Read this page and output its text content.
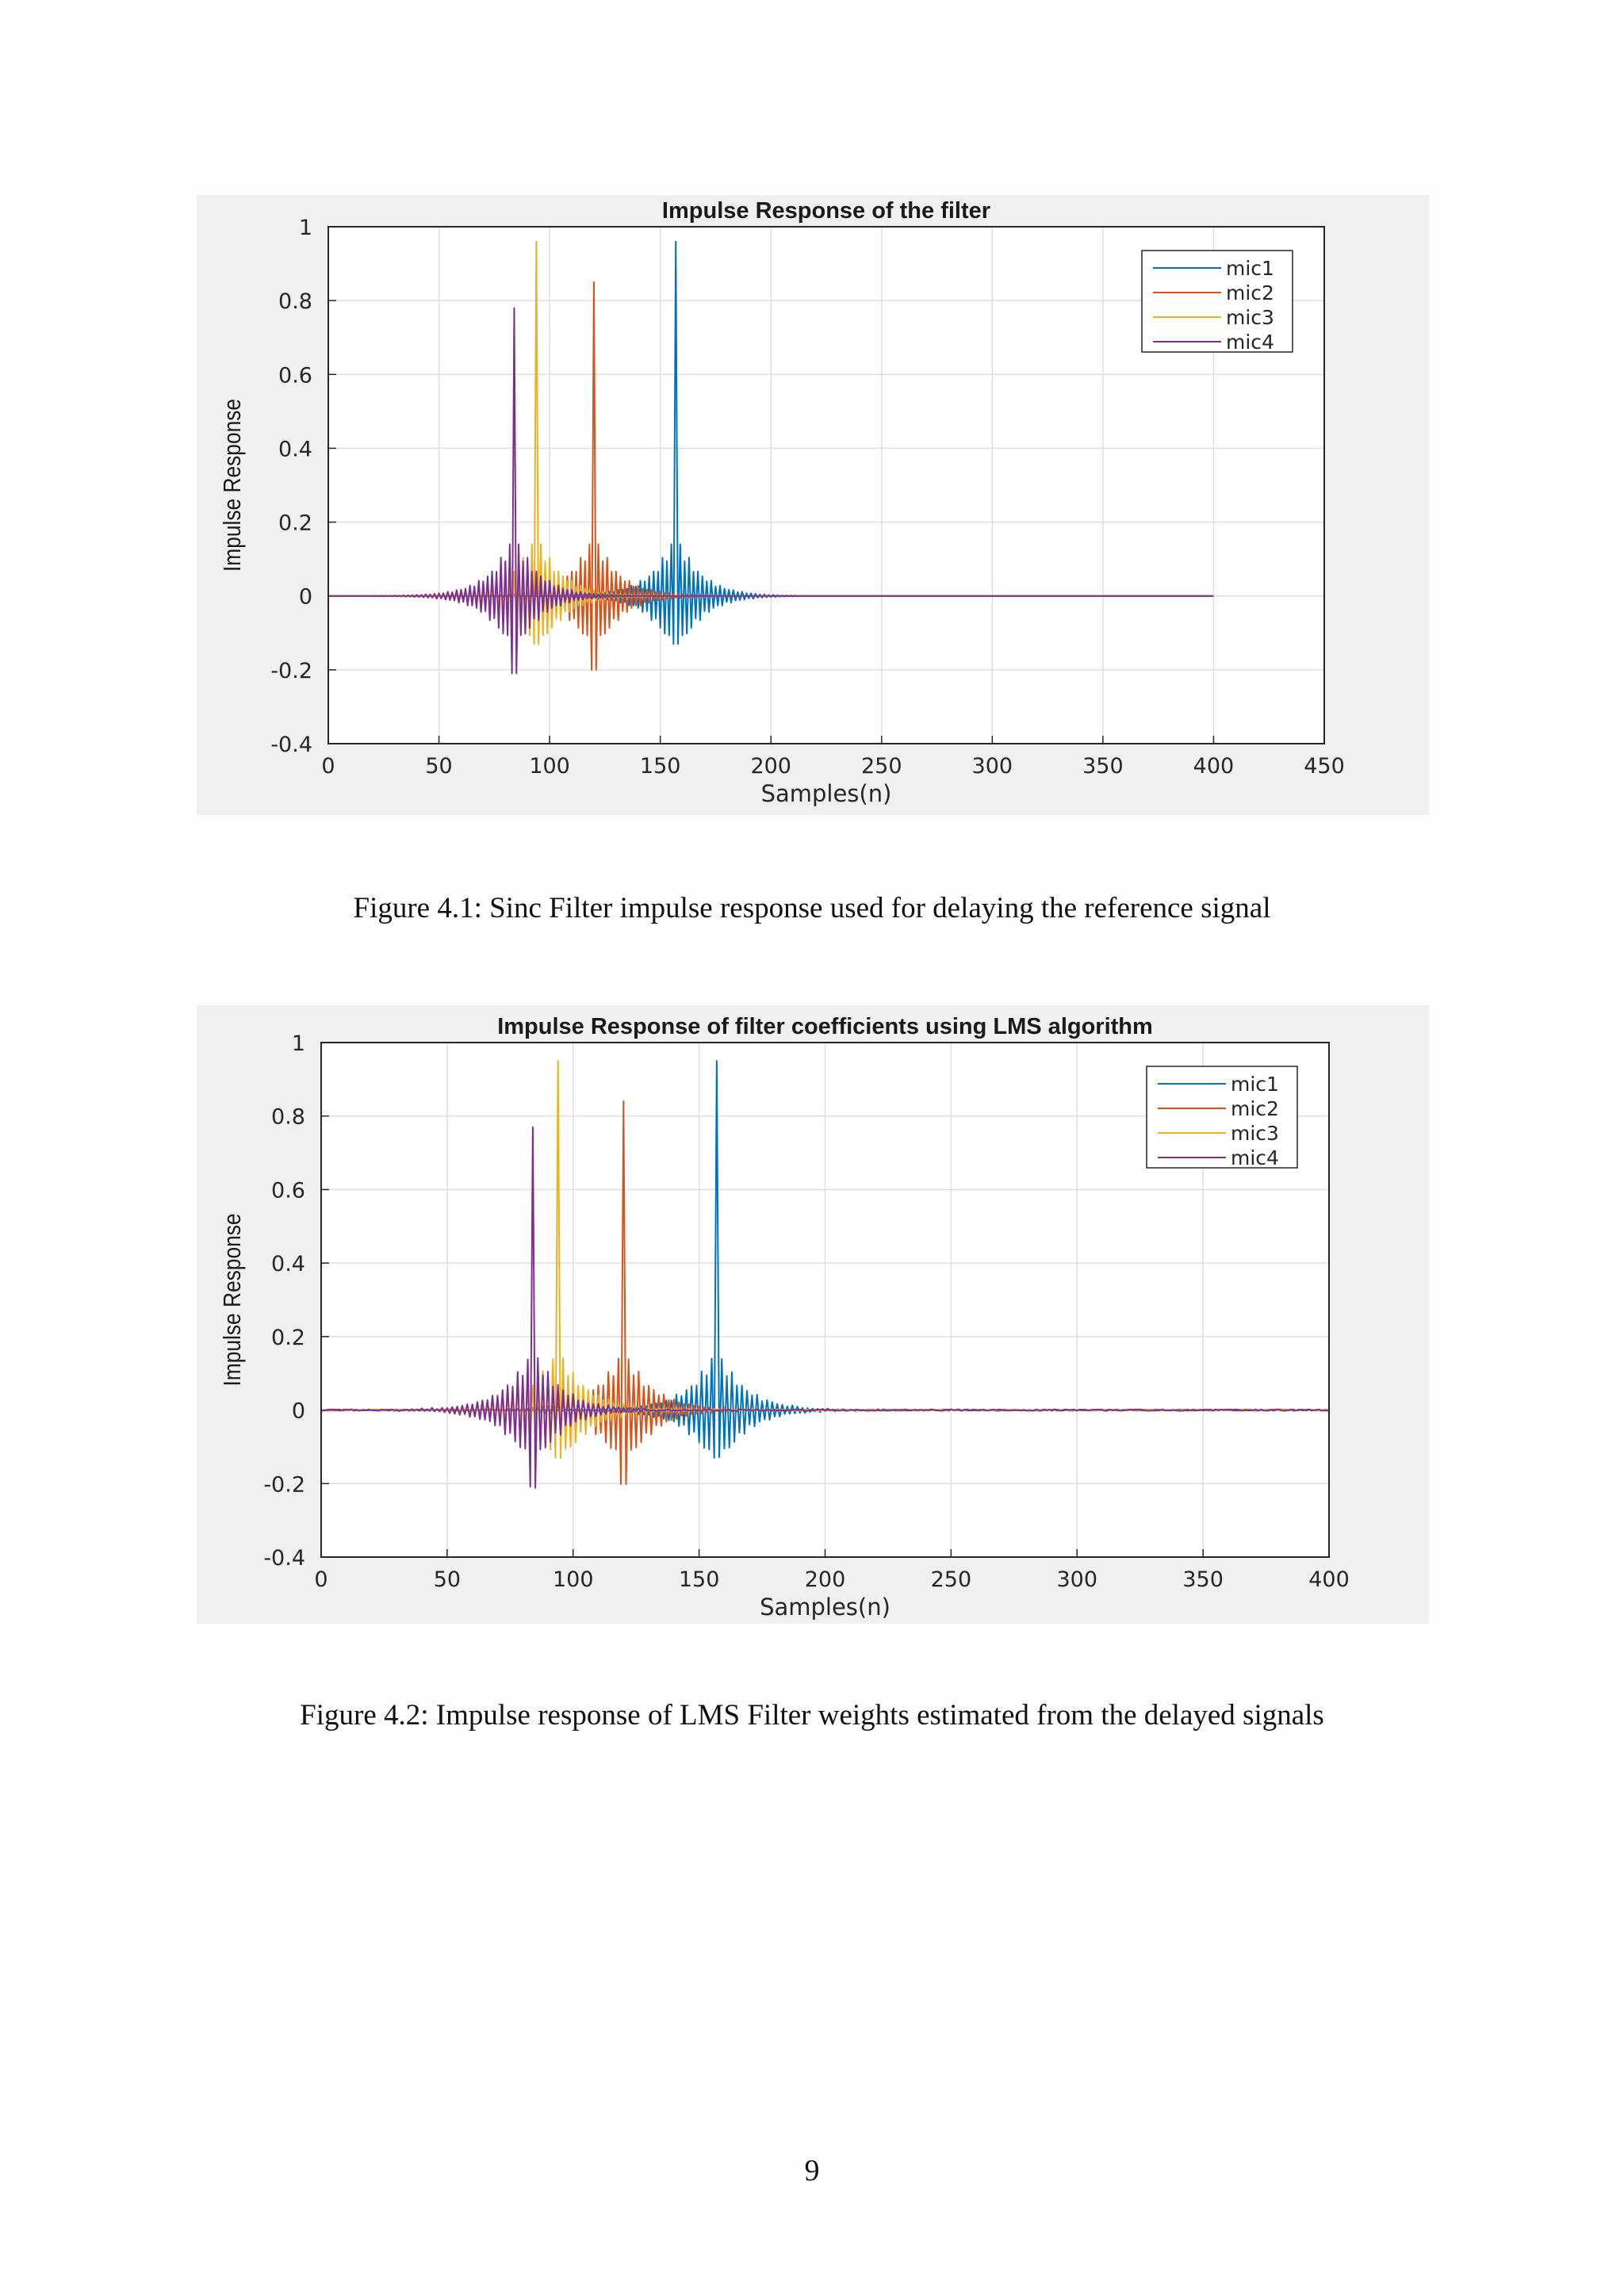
0	50	100	150	200	250	300	350	400	450
-0.4
-0.2
0
0.2
0.4
0.6
0.8
1
Impulse Response of the filter
Samples(n)
Impulse Response
mic1
mic2
mic3
mic4
Figure 4.1: Sinc Filter impulse response used for delaying the reference signal
0	50	100	150	200	250	300	350	400
-0.4
-0.2
0
0.2
0.4
0.6
0.8
1
Impulse Response of filter coefficients using LMS algorithm
Samples(n)
Impulse Response
mic1
mic2
mic3
mic4
Figure 4.2: Impulse response of LMS Filter weights estimated from the delayed signals
9
